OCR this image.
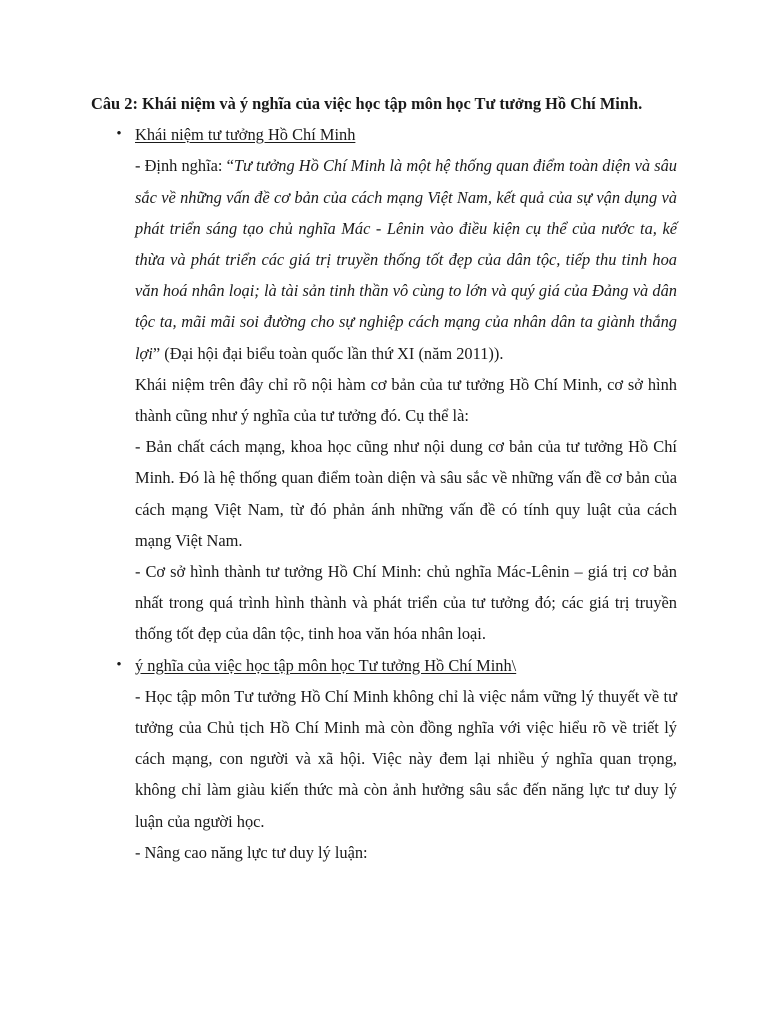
Câu 2: Khái niệm và ý nghĩa của việc học tập môn học Tư tưởng Hồ Chí Minh.

• Khái niệm tư tưởng Hồ Chí Minh

- Định nghĩa: “Tư tưởng Hồ Chí Minh là một hệ thống quan điểm toàn diện và sâu sắc về những vấn đề cơ bản của cách mạng Việt Nam, kết quả của sự vận dụng và phát triển sáng tạo chủ nghĩa Mác - Lênin vào điều kiện cụ thể của nước ta, kế thừa và phát triển các giá trị truyền thống tốt đẹp của dân tộc, tiếp thu tinh hoa văn hoá nhân loại; là tài sản tinh thần vô cùng to lớn và quý giá của Đảng và dân tộc ta, mãi mãi soi đường cho sự nghiệp cách mạng của nhân dân ta giành thắng lợi” (Đại hội đại biểu toàn quốc lần thứ XI (năm 2011)).

Khái niệm trên đây chỉ rõ nội hàm cơ bản của tư tưởng Hồ Chí Minh, cơ sở hình thành cũng như ý nghĩa của tư tưởng đó. Cụ thể là:

- Bản chất cách mạng, khoa học cũng như nội dung cơ bản của tư tưởng Hồ Chí Minh. Đó là hệ thống quan điểm toàn diện và sâu sắc về những vấn đề cơ bản của cách mạng Việt Nam, từ đó phản ánh những vấn đề có tính quy luật của cách mạng Việt Nam.

- Cơ sở hình thành tư tưởng Hồ Chí Minh: chủ nghĩa Mác-Lênin – giá trị cơ bản nhất trong quá trình hình thành và phát triển của tư tưởng đó; các giá trị truyền thống tốt đẹp của dân tộc, tinh hoa văn hóa nhân loại.

• ý nghĩa của việc học tập môn học Tư tưởng Hồ Chí Minh\

- Học tập môn Tư tưởng Hồ Chí Minh không chỉ là việc nắm vững lý thuyết về tư tưởng của Chủ tịch Hồ Chí Minh mà còn đồng nghĩa với việc hiểu rõ về triết lý cách mạng, con người và xã hội. Việc này đem lại nhiều ý nghĩa quan trọng, không chỉ làm giàu kiến thức mà còn ảnh hưởng sâu sắc đến năng lực tư duy lý luận của người học.

- Nâng cao năng lực tư duy lý luận:
